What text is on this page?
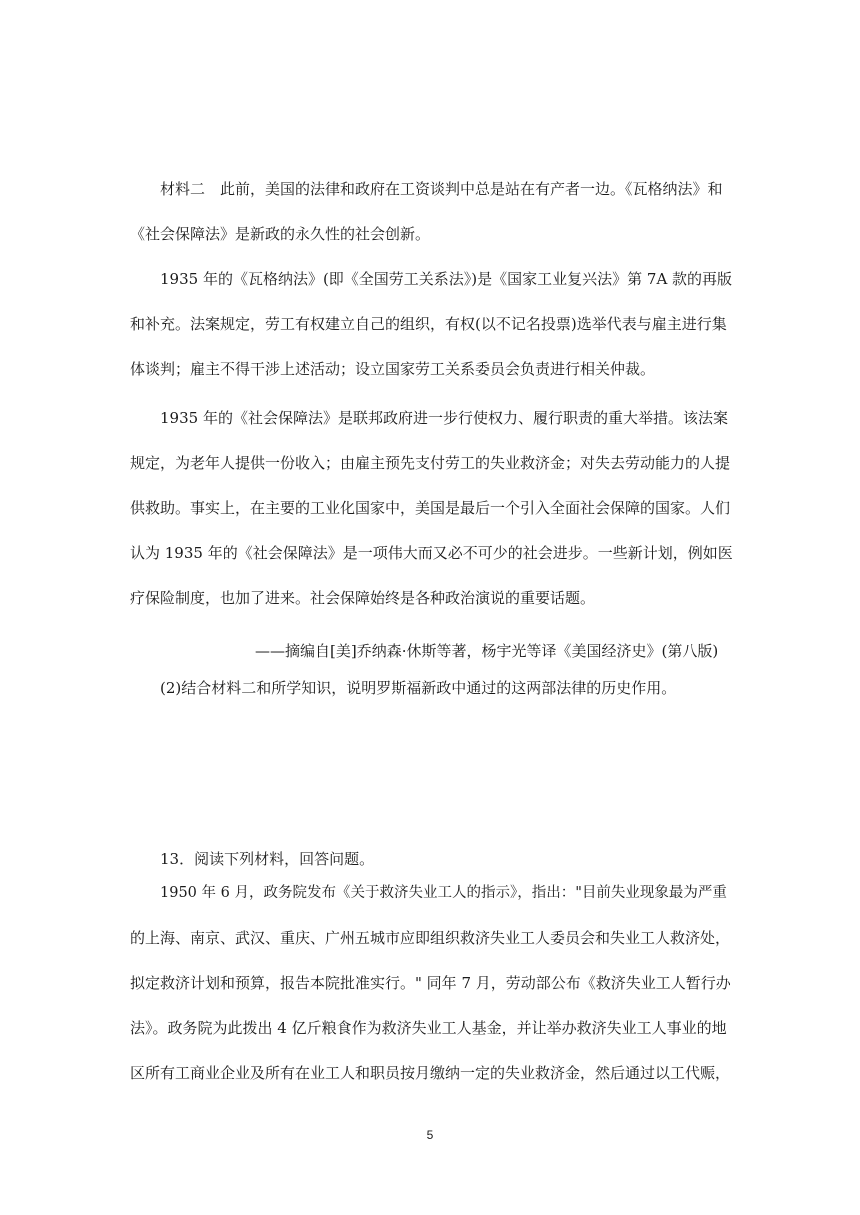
材料二　此前，美国的法律和政府在工资谈判中总是站在有产者一边。《瓦格纳法》和
《社会保障法》是新政的永久性的社会创新。
1935 年的《瓦格纳法》(即《全国劳工关系法》)是《国家工业复兴法》第 7A 款的再版
和补充。法案规定，劳工有权建立自己的组织，有权(以不记名投票)选举代表与雇主进行集
体谈判；雇主不得干涉上述活动；设立国家劳工关系委员会负责进行相关仲裁。
1935 年的《社会保障法》是联邦政府进一步行使权力、履行职责的重大举措。该法案
规定，为老年人提供一份收入；由雇主预先支付劳工的失业救济金；对失去劳动能力的人提
供救助。事实上，在主要的工业化国家中，美国是最后一个引入全面社会保障的国家。人们
认为 1935 年的《社会保障法》是一项伟大而又必不可少的社会进步。一些新计划，例如医
疗保险制度，也加了进来。社会保障始终是各种政治演说的重要话题。
——摘编自[美]乔纳森·休斯等著，杨宇光等译《美国经济史》(第八版)
(2)结合材料二和所学知识，说明罗斯福新政中通过的这两部法律的历史作用。
13．阅读下列材料，回答问题。
1950 年 6 月，政务院发布《关于救济失业工人的指示》，指出："目前失业现象最为严重
的上海、南京、武汉、重庆、广州五城市应即组织救济失业工人委员会和失业工人救济处，
拟定救济计划和预算，报告本院批准实行。" 同年 7 月，劳动部公布《救济失业工人暂行办
法》。政务院为此拨出 4 亿斤粮食作为救济失业工人基金，并让举办救济失业工人事业的地
区所有工商业企业及所有在业工人和职员按月缴纳一定的失业救济金，然后通过以工代赈，
5
